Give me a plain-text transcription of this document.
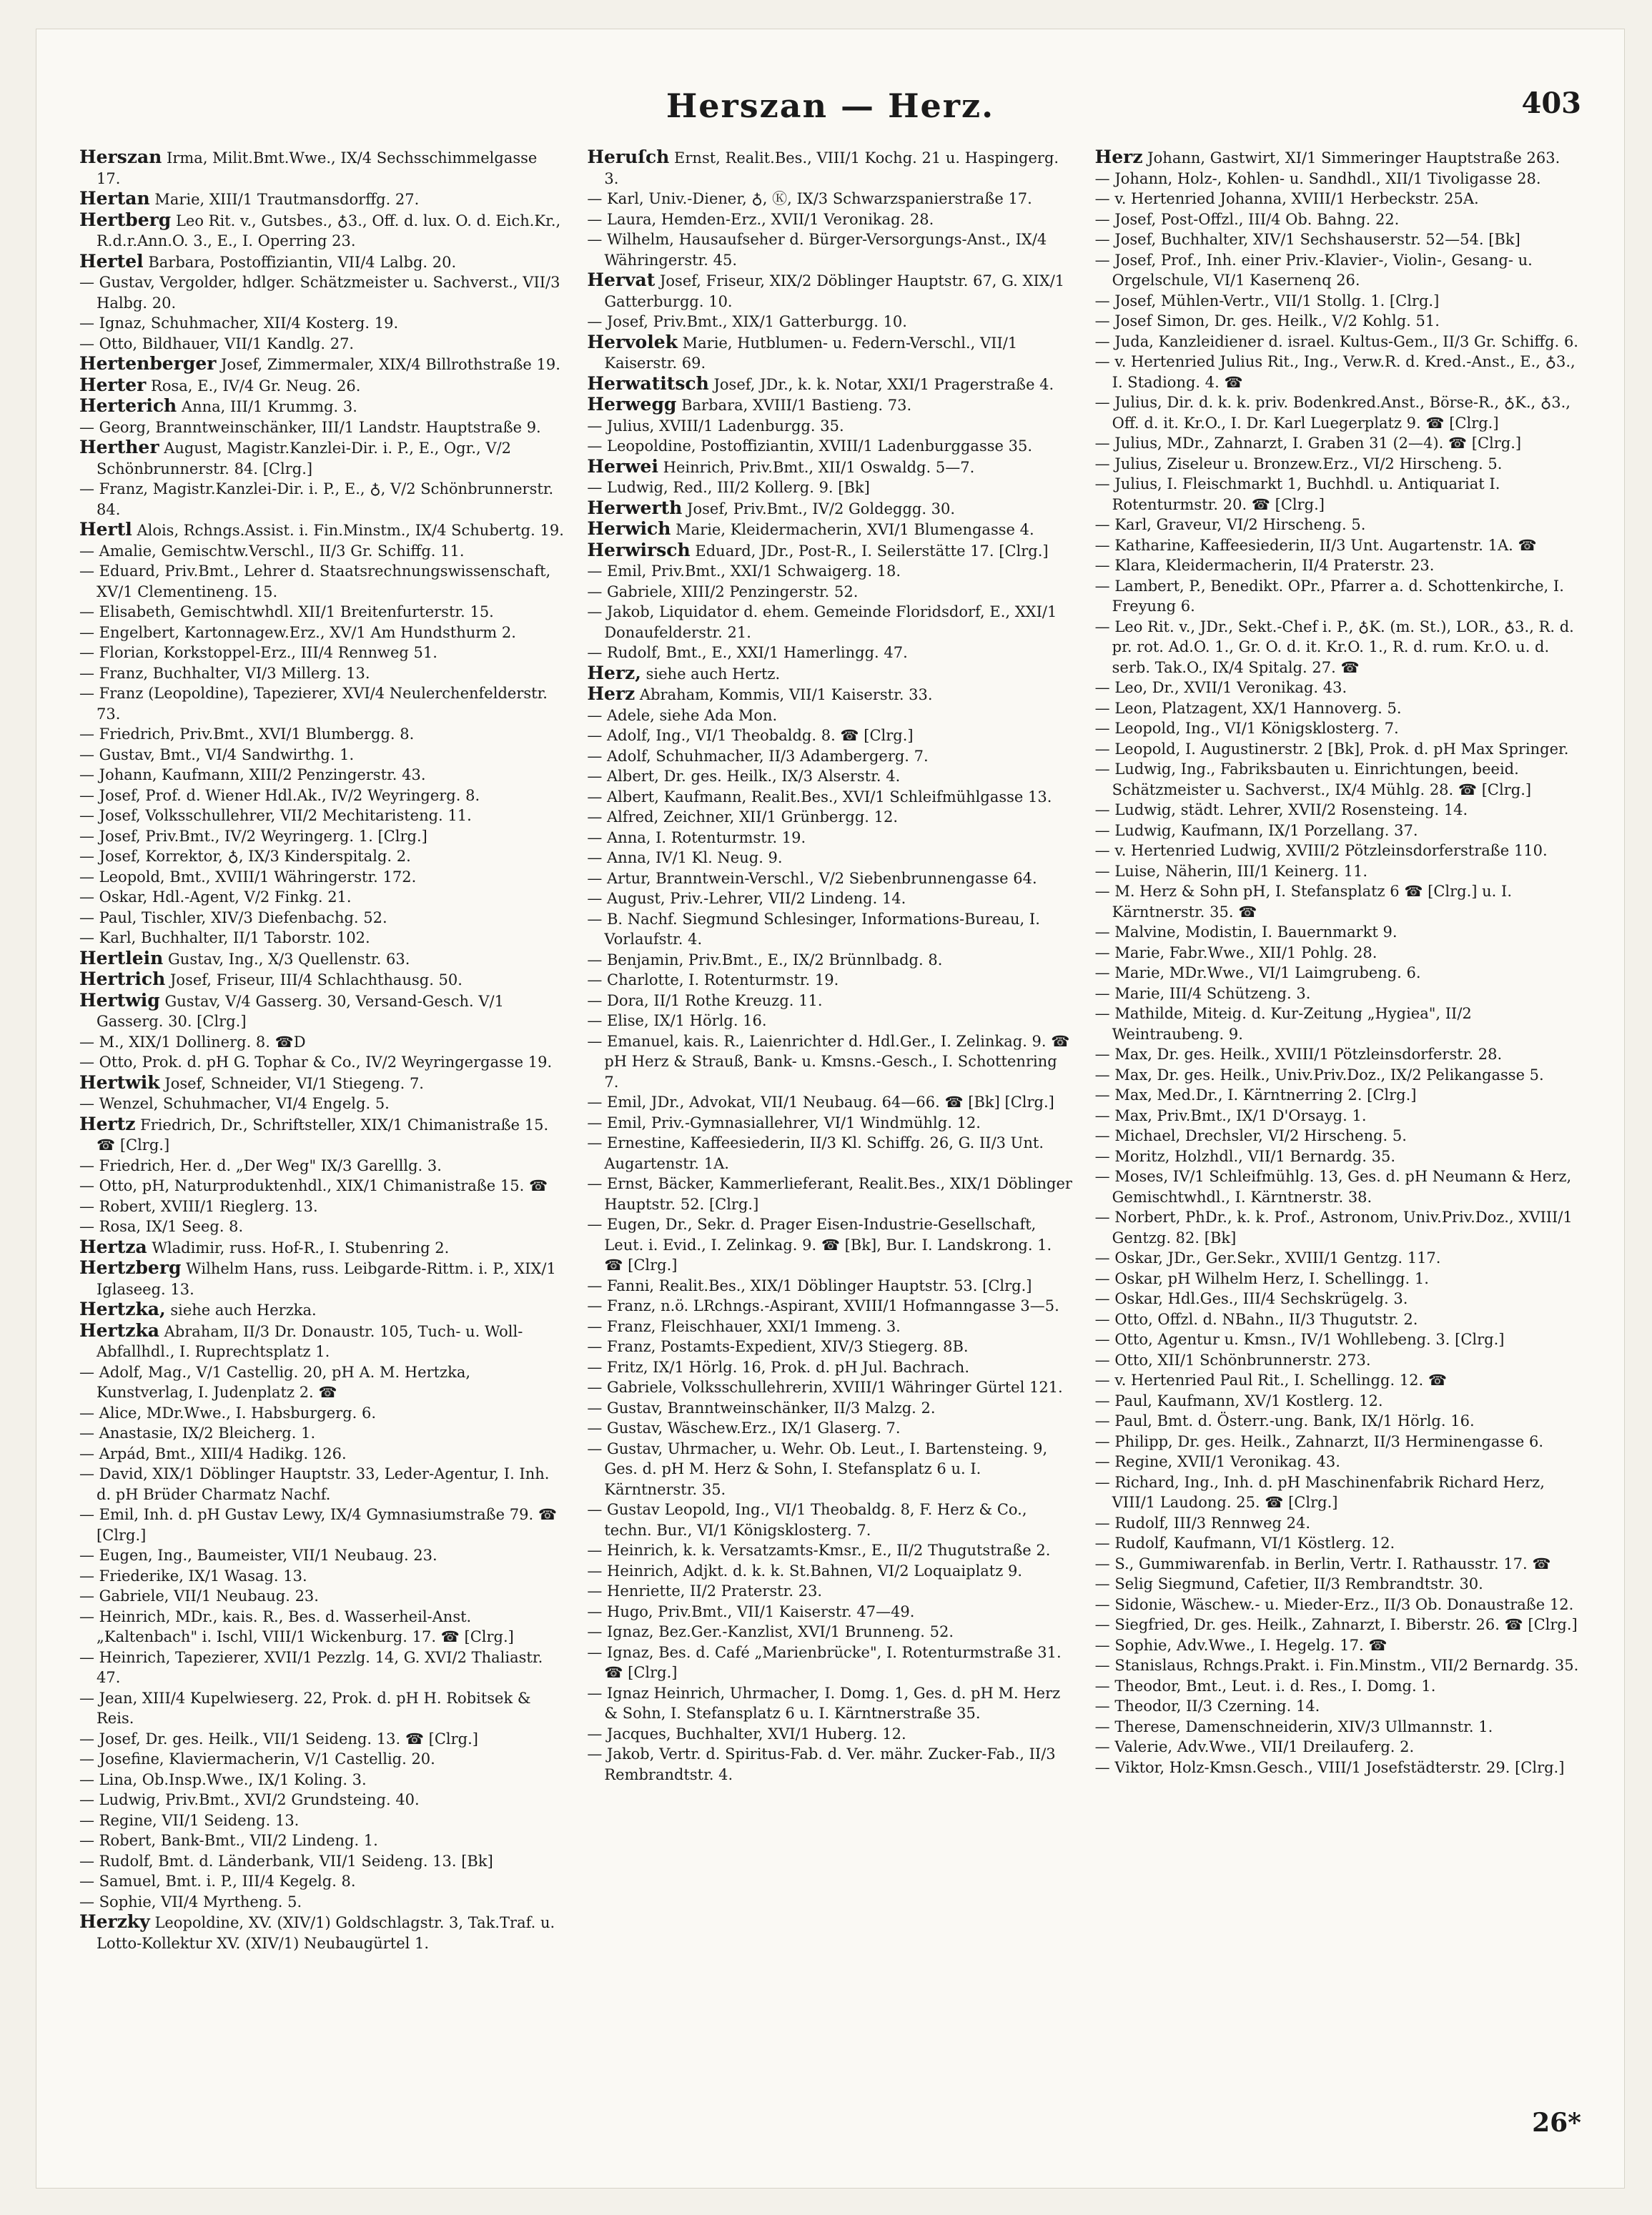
Herszan — Herz.	403
Herszan Irma, Milit.Bmt.Wwe., IX/4 Sechsschimmelgasse 17.
Hertan Marie, XIII/1 Trautmansdorffg. 27.
Hertberg Leo Rit. v., Gutsbes., ♁3., Off. d. lux. O. d. Eich.Kr., R.d.r.Ann.O. 3., E., I. Operring 23.
Hertel Barbara, Postoffiziantin, VII/4 Lalbg. 20.
— Gustav, Vergolder, hdlger. Schätzmeister u. Sachverst., VII/3 Halbg. 20.
— Ignaz, Schuhmacher, XII/4 Kosterg. 19.
— Otto, Bildhauer, VII/1 Kandlg. 27.
Hertenberger Josef, Zimmermaler, XIX/4 Billrothstraße 19.
Herter Rosa, E., IV/4 Gr. Neug. 26.
Herterich Anna, III/1 Krummg. 3.
— Georg, Branntweinschänker, III/1 Landstr. Hauptstraße 9.
Herther August, Magistr.Kanzlei-Dir. i. P., E., Ogr., V/2 Schönbrunnerstr. 84. [Clrg.]
— Franz, Magistr.Kanzlei-Dir. i. P., E., ♁, V/2 Schönbrunnerstr. 84.
Hertl Alois, Rchngs.Assist. i. Fin.Minstm., IX/4 Schubertg. 19.
— Amalie, Gemischtw.Verschl., II/3 Gr. Schiffg. 11.
— Eduard, Priv.Bmt., Lehrer d. Staatsrechnungswissenschaft, XV/1 Clementineng. 15.
— Elisabeth, Gemischtwhdl. XII/1 Breitenfurterstr. 15.
— Engelbert, Kartonnagew.Erz., XV/1 Am Hundsthurm 2.
— Florian, Korkstoppel-Erz., III/4 Rennweg 51.
— Franz, Buchhalter, VI/3 Millerg. 13.
— Franz (Leopoldine), Tapezierer, XVI/4 Neulerchenfelderstr. 73.
— Friedrich, Priv.Bmt., XVI/1 Blumbergg. 8.
— Gustav, Bmt., VI/4 Sandwirthg. 1.
— Johann, Kaufmann, XIII/2 Penzingerstr. 43.
— Josef, Prof. d. Wiener Hdl.Ak., IV/2 Weyringerg. 8.
— Josef, Volksschullehrer, VII/2 Mechitaristeng. 11.
— Josef, Priv.Bmt., IV/2 Weyringerg. 1. [Clrg.]
— Josef, Korrektor, ♁, IX/3 Kinderspitalg. 2.
— Leopold, Bmt., XVIII/1 Währingerstr. 172.
— Oskar, Hdl.-Agent, V/2 Finkg. 21.
— Paul, Tischler, XIV/3 Diefenbachg. 52.
— Karl, Buchhalter, II/1 Taborstr. 102.
Hertlein Gustav, Ing., X/3 Quellenstr. 63.
Hertrich Josef, Friseur, III/4 Schlachthausg. 50.
Hertwig Gustav, V/4 Gasserg. 30, Versand-Gesch. V/1 Gasserg. 30. [Clrg.]
— M., XIX/1 Dollinerg. 8. ☎D
— Otto, Prok. d. pH G. Tophar & Co., IV/2 Weyringergasse 19.
Hertwik Josef, Schneider, VI/1 Stiegeng. 7.
— Wenzel, Schuhmacher, VI/4 Engelg. 5.
Hertz Friedrich, Dr., Schriftsteller, XIX/1 Chimanistraße 15. ☎ [Clrg.]
— Friedrich, Her. d. „Der Weg" IX/3 Garelllg. 3.
— Otto, pH, Naturproduktenhdl., XIX/1 Chimanistraße 15. ☎
— Robert, XVIII/1 Rieglerg. 13.
— Rosa, IX/1 Seeg. 8.
Hertza Wladimir, russ. Hof-R., I. Stubenring 2.
Hertzberg Wilhelm Hans, russ. Leibgarde-Rittm. i. P., XIX/1 Iglaseeg. 13.
Hertzka, siehe auch Herzka.
Hertzka Abraham, II/3 Dr. Donaustr. 105, Tuch- u. Woll-Abfallhdl., I. Ruprechtsplatz 1.
— Adolf, Mag., V/1 Castellig. 20, pH A. M. Hertzka, Kunstverlag, I. Judenplatz 2. ☎
— Alice, MDr.Wwe., I. Habsburgerg. 6.
— Anastasie, IX/2 Bleicherg. 1.
— Arpád, Bmt., XIII/4 Hadikg. 126.
— David, XIX/1 Döblinger Hauptstr. 33, Leder-Agentur, I. Inh. d. pH Brüder Charmatz Nachf.
— Emil, Inh. d. pH Gustav Lewy, IX/4 Gymnasiumstraße 79. ☎ [Clrg.]
— Eugen, Ing., Baumeister, VII/1 Neubaug. 23.
— Friederike, IX/1 Wasag. 13.
— Gabriele, VII/1 Neubaug. 23.
— Heinrich, MDr., kais. R., Bes. d. Wasserheil-Anst. „Kaltenbach" i. Ischl, VIII/1 Wickenburg. 17. ☎ [Clrg.]
— Heinrich, Tapezierer, XVII/1 Pezzlg. 14, G. XVI/2 Thaliastr. 47.
— Jean, XIII/4 Kupelwieserg. 22, Prok. d. pH H. Robitsek & Reis.
— Josef, Dr. ges. Heilk., VII/1 Seideng. 13. ☎ [Clrg.]
— Josefine, Klaviermacherin, V/1 Castellig. 20.
— Lina, Ob.Insp.Wwe., IX/1 Koling. 3.
— Ludwig, Priv.Bmt., XVI/2 Grundsteing. 40.
— Regine, VII/1 Seideng. 13.
— Robert, Bank-Bmt., VII/2 Lindeng. 1.
— Rudolf, Bmt. d. Länderbank, VII/1 Seideng. 13. [Bk]
— Samuel, Bmt. i. P., III/4 Kegelg. 8.
— Sophie, VII/4 Myrtheng. 5.
Herzky Leopoldine, XV. (XIV/1) Goldschlagstr. 3, Tak.Traf. u. Lotto-Kollektur XV. (XIV/1) Neubaugürtel 1.
Heruſch Ernst, Realit.Bes., VIII/1 Kochg. 21 u. Haspingerg. 3.
— Karl, Univ.-Diener, ♁, Ⓚ, IX/3 Schwarzspanierstraße 17.
— Laura, Hemden-Erz., XVII/1 Veronikag. 28.
— Wilhelm, Hausaufseher d. Bürger-Versorgungs-Anst., IX/4 Währingerstr. 45.
Hervat Josef, Friseur, XIX/2 Döblinger Hauptstr. 67, G. XIX/1 Gatterburgg. 10.
— Josef, Priv.Bmt., XIX/1 Gatterburgg. 10.
Hervolek Marie, Hutblumen- u. Federn-Verschl., VII/1 Kaiserstr. 69.
Herwatitsch Josef, JDr., k. k. Notar, XXI/1 Pragerstraße 4.
Herwegg Barbara, XVIII/1 Bastieng. 73.
— Julius, XVIII/1 Ladenburgg. 35.
— Leopoldine, Postoffiziantin, XVIII/1 Ladenburggasse 35.
Herwei Heinrich, Priv.Bmt., XII/1 Oswaldg. 5—7.
— Ludwig, Red., III/2 Kollerg. 9. [Bk]
Herwerth Josef, Priv.Bmt., IV/2 Goldeggg. 30.
Herwich Marie, Kleidermacherin, XVI/1 Blumengasse 4.
Herwirsch Eduard, JDr., Post-R., I. Seilerstätte 17. [Clrg.]
— Emil, Priv.Bmt., XXI/1 Schwaigerg. 18.
— Gabriele, XIII/2 Penzingerstr. 52.
— Jakob, Liquidator d. ehem. Gemeinde Floridsdorf, E., XXI/1 Donaufelderstr. 21.
— Rudolf, Bmt., E., XXI/1 Hamerlingg. 47.
Herz, siehe auch Hertz.
Herz Abraham, Kommis, VII/1 Kaiserstr. 33.
— Adele, siehe Ada Mon.
— Adolf, Ing., VI/1 Theobaldg. 8. ☎ [Clrg.]
— Adolf, Schuhmacher, II/3 Adambergerg. 7.
— Albert, Dr. ges. Heilk., IX/3 Alserstr. 4.
— Albert, Kaufmann, Realit.Bes., XVI/1 Schleifmühlgasse 13.
— Alfred, Zeichner, XII/1 Grünbergg. 12.
— Anna, I. Rotenturmstr. 19.
— Anna, IV/1 Kl. Neug. 9.
— Artur, Branntwein-Verschl., V/2 Siebenbrunnengasse 64.
— August, Priv.-Lehrer, VII/2 Lindeng. 14.
— B. Nachf. Siegmund Schlesinger, Informations-Bureau, I. Vorlaufstr. 4.
— Benjamin, Priv.Bmt., E., IX/2 Brünnlbadg. 8.
— Charlotte, I. Rotenturmstr. 19.
— Dora, II/1 Rothe Kreuzg. 11.
— Elise, IX/1 Hörlg. 16.
— Emanuel, kais. R., Laienrichter d. Hdl.Ger., I. Zelinkag. 9. ☎ pH Herz & Strauß, Bank- u. Kmsns.-Gesch., I. Schottenring 7.
— Emil, JDr., Advokat, VII/1 Neubaug. 64—66. ☎ [Bk] [Clrg.]
— Emil, Priv.-Gymnasiallehrer, VI/1 Windmühlg. 12.
— Ernestine, Kaffeesiederin, II/3 Kl. Schiffg. 26, G. II/3 Unt. Augartenstr. 1A.
— Ernst, Bäcker, Kammerlieferant, Realit.Bes., XIX/1 Döblinger Hauptstr. 52. [Clrg.]
— Eugen, Dr., Sekr. d. Prager Eisen-Industrie-Gesellschaft, Leut. i. Evid., I. Zelinkag. 9. ☎ [Bk], Bur. I. Landskrong. 1. ☎ [Clrg.]
— Fanni, Realit.Bes., XIX/1 Döblinger Hauptstr. 53. [Clrg.]
— Franz, n.ö. LRchngs.-Aspirant, XVIII/1 Hofmanngasse 3—5.
— Franz, Fleischhauer, XXI/1 Immeng. 3.
— Franz, Postamts-Expedient, XIV/3 Stiegerg. 8B.
— Fritz, IX/1 Hörlg. 16, Prok. d. pH Jul. Bachrach.
— Gabriele, Volksschullehrerin, XVIII/1 Währinger Gürtel 121.
— Gustav, Branntweinschänker, II/3 Malzg. 2.
— Gustav, Wäschew.Erz., IX/1 Glaserg. 7.
— Gustav, Uhrmacher, u. Wehr. Ob. Leut., I. Bartensteing. 9, Ges. d. pH M. Herz & Sohn, I. Stefansplatz 6 u. I. Kärntnerstr. 35.
— Gustav Leopold, Ing., VI/1 Theobaldg. 8, F. Herz & Co., techn. Bur., VI/1 Königsklosterg. 7.
— Heinrich, k. k. Versatzamts-Kmsr., E., II/2 Thugutstraße 2.
— Heinrich, Adjkt. d. k. k. St.Bahnen, VI/2 Loquaiplatz 9.
— Henriette, II/2 Praterstr. 23.
— Hugo, Priv.Bmt., VII/1 Kaiserstr. 47—49.
— Ignaz, Bez.Ger.-Kanzlist, XVI/1 Brunneng. 52.
— Ignaz, Bes. d. Café „Marienbrücke", I. Rotenturmstraße 31. ☎ [Clrg.]
— Ignaz Heinrich, Uhrmacher, I. Domg. 1, Ges. d. pH M. Herz & Sohn, I. Stefansplatz 6 u. I. Kärntnerstraße 35.
— Jacques, Buchhalter, XVI/1 Huberg. 12.
— Jakob, Vertr. d. Spiritus-Fab. d. Ver. mähr. Zucker-Fab., II/3 Rembrandtstr. 4.
Herz Johann, Gastwirt, XI/1 Simmeringer Hauptstraße 263.
— Johann, Holz-, Kohlen- u. Sandhdl., XII/1 Tivoligasse 28.
— v. Hertenried Johanna, XVIII/1 Herbeckstr. 25A.
— Josef, Post-Offzl., III/4 Ob. Bahng. 22.
— Josef, Buchhalter, XIV/1 Sechshauserstr. 52—54. [Bk]
— Josef, Prof., Inh. einer Priv.-Klavier-, Violin-, Gesang- u. Orgelschule, VI/1 Kasernenq 26.
— Josef, Mühlen-Vertr., VII/1 Stollg. 1. [Clrg.]
— Josef Simon, Dr. ges. Heilk., V/2 Kohlg. 51.
— Juda, Kanzleidiener d. israel. Kultus-Gem., II/3 Gr. Schiffg. 6.
— v. Hertenried Julius Rit., Ing., Verw.R. d. Kred.-Anst., E., ♁3., I. Stadiong. 4. ☎
— Julius, Dir. d. k. k. priv. Bodenkred.Anst., Börse-R., ♁K., ♁3., Off. d. it. Kr.O., I. Dr. Karl Luegerplatz 9. ☎ [Clrg.]
— Julius, MDr., Zahnarzt, I. Graben 31 (2—4). ☎ [Clrg.]
— Julius, Ziseleur u. Bronzew.Erz., VI/2 Hirscheng. 5.
— Julius, I. Fleischmarkt 1, Buchhdl. u. Antiquariat I. Rotenturmstr. 20. ☎ [Clrg.]
— Karl, Graveur, VI/2 Hirscheng. 5.
— Katharine, Kaffeesiederin, II/3 Unt. Augartenstr. 1A. ☎
— Klara, Kleidermacherin, II/4 Praterstr. 23.
— Lambert, P., Benedikt. OPr., Pfarrer a. d. Schottenkirche, I. Freyung 6.
— Leo Rit. v., JDr., Sekt.-Chef i. P., ♁K. (m. St.), LOR., ♁3., R. d. pr. rot. Ad.O. 1., Gr. O. d. it. Kr.O. 1., R. d. rum. Kr.O. u. d. serb. Tak.O., IX/4 Spitalg. 27. ☎
— Leo, Dr., XVII/1 Veronikag. 43.
— Leon, Platzagent, XX/1 Hannoverg. 5.
— Leopold, Ing., VI/1 Königsklosterg. 7.
— Leopold, I. Augustinerstr. 2 [Bk], Prok. d. pH Max Springer.
— Ludwig, Ing., Fabriksbauten u. Einrichtungen, beeid. Schätzmeister u. Sachverst., IX/4 Mühlg. 28. ☎ [Clrg.]
— Ludwig, städt. Lehrer, XVII/2 Rosensteing. 14.
— Ludwig, Kaufmann, IX/1 Porzellang. 37.
— v. Hertenried Ludwig, XVIII/2 Pötzleinsdorferstraße 110.
— Luise, Näherin, III/1 Keinerg. 11.
— M. Herz & Sohn pH, I. Stefansplatz 6 ☎ [Clrg.] u. I. Kärntnerstr. 35. ☎
— Malvine, Modistin, I. Bauernmarkt 9.
— Marie, Fabr.Wwe., XII/1 Pohlg. 28.
— Marie, MDr.Wwe., VI/1 Laimgrubeng. 6.
— Marie, III/4 Schützeng. 3.
— Mathilde, Miteig. d. Kur-Zeitung „Hygiea", II/2 Weintraubeng. 9.
— Max, Dr. ges. Heilk., XVIII/1 Pötzleinsdorferstr. 28.
— Max, Dr. ges. Heilk., Univ.Priv.Doz., IX/2 Pelikangasse 5.
— Max, Med.Dr., I. Kärntnerring 2. [Clrg.]
— Max, Priv.Bmt., IX/1 D'Orsayg. 1.
— Michael, Drechsler, VI/2 Hirscheng. 5.
— Moritz, Holzhdl., VII/1 Bernardg. 35.
— Moses, IV/1 Schleifmühlg. 13, Ges. d. pH Neumann & Herz, Gemischtwhdl., I. Kärntnerstr. 38.
— Norbert, PhDr., k. k. Prof., Astronom, Univ.Priv.Doz., XVIII/1 Gentzg. 82. [Bk]
— Oskar, JDr., Ger.Sekr., XVIII/1 Gentzg. 117.
— Oskar, pH Wilhelm Herz, I. Schellingg. 1.
— Oskar, Hdl.Ges., III/4 Sechskrügelg. 3.
— Otto, Offzl. d. NBahn., II/3 Thugutstr. 2.
— Otto, Agentur u. Kmsn., IV/1 Wohllebeng. 3. [Clrg.]
— Otto, XII/1 Schönbrunnerstr. 273.
— v. Hertenried Paul Rit., I. Schellingg. 12. ☎
— Paul, Kaufmann, XV/1 Kostlerg. 12.
— Paul, Bmt. d. Österr.-ung. Bank, IX/1 Hörlg. 16.
— Philipp, Dr. ges. Heilk., Zahnarzt, II/3 Herminengasse 6.
— Regine, XVII/1 Veronikag. 43.
— Richard, Ing., Inh. d. pH Maschinenfabrik Richard Herz, VIII/1 Laudong. 25. ☎ [Clrg.]
— Rudolf, III/3 Rennweg 24.
— Rudolf, Kaufmann, VI/1 Köstlerg. 12.
— S., Gummiwarenfab. in Berlin, Vertr. I. Rathausstr. 17. ☎
— Selig Siegmund, Cafetier, II/3 Rembrandtstr. 30.
— Sidonie, Wäschew.- u. Mieder-Erz., II/3 Ob. Donaustraße 12.
— Siegfried, Dr. ges. Heilk., Zahnarzt, I. Biberstr. 26. ☎ [Clrg.]
— Sophie, Adv.Wwe., I. Hegelg. 17. ☎
— Stanislaus, Rchngs.Prakt. i. Fin.Minstm., VII/2 Bernardg. 35.
— Theodor, Bmt., Leut. i. d. Res., I. Domg. 1.
— Theodor, II/3 Czerning. 14.
— Therese, Damenschneiderin, XIV/3 Ullmannstr. 1.
— Valerie, Adv.Wwe., VII/1 Dreilauferg. 2.
— Viktor, Holz-Kmsn.Gesch., VIII/1 Josefstädterstr. 29. [Clrg.]
26*
